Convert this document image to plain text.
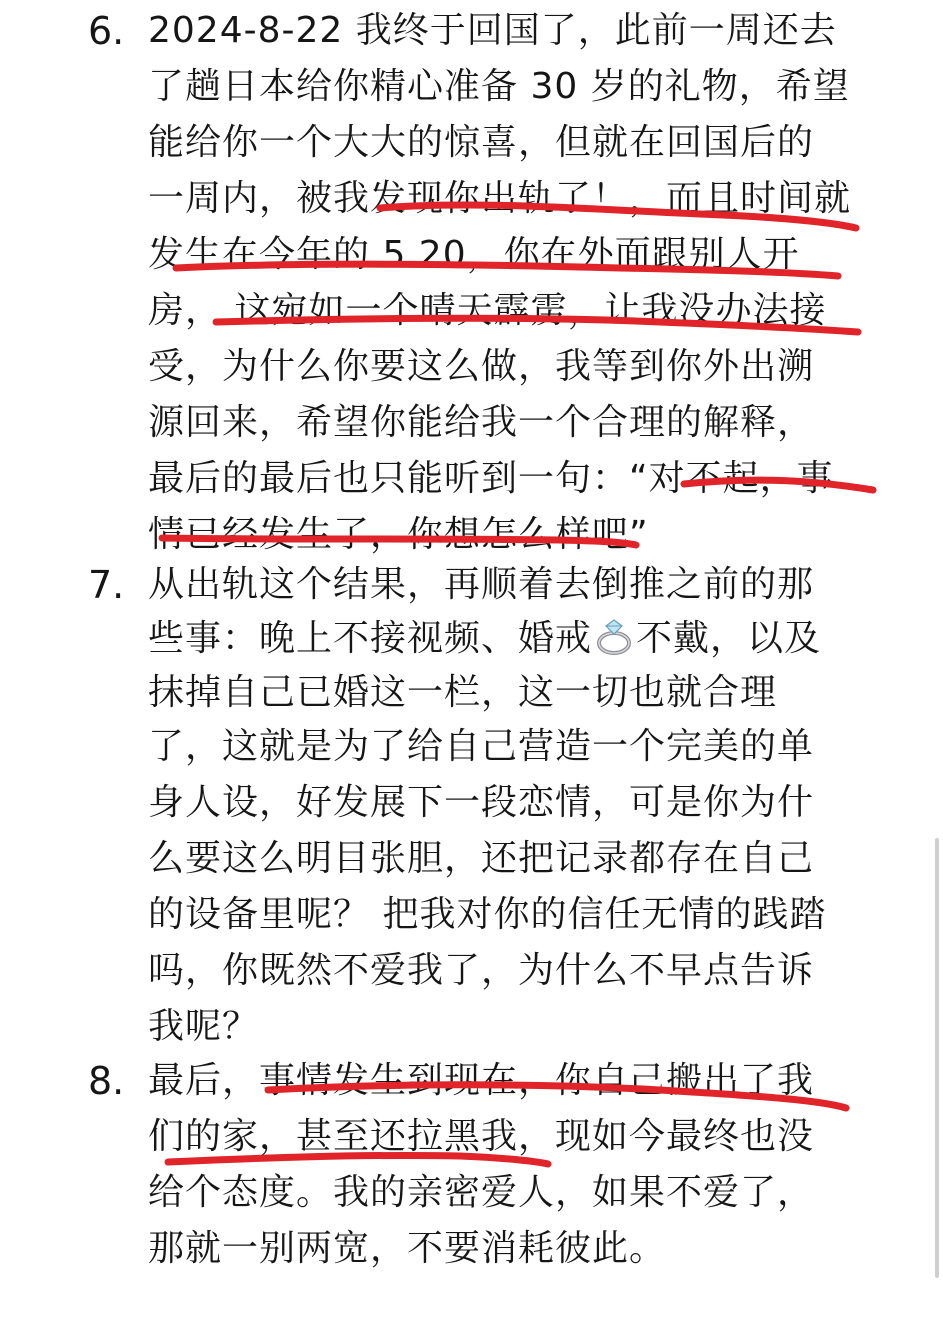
6. 2024-8-22 我终于回国了，此前一周还去
了趟日本给你精心准备 30 岁的礼物，希望
能给你一个大大的惊喜，但就在回国后的
一周内，被我发现你出轨了！，而且时间就
发生在今年的 5.20，你在外面跟别人开
房， 这宛如一个晴天霹雳，让我没办法接
受，为什么你要这么做，我等到你外出溯
源回来，希望你能给我一个合理的解释，
最后的最后也只能听到一句：“对不起，事
情已经发生了，你想怎么样吧”
7. 从出轨这个结果，再顺着去倒推之前的那
些事：晚上不接视频、婚戒 不戴，以及
抹掉自己已婚这一栏，这一切也就合理
了，这就是为了给自己营造一个完美的单
身人设，好发展下一段恋情，可是你为什
么要这么明目张胆，还把记录都存在自己
的设备里呢？ 把我对你的信任无情的践踏
吗，你既然不爱我了，为什么不早点告诉
我呢？
8. 最后，事情发生到现在，你自己搬出了我
们的家，甚至还拉黑我，现如今最终也没
给个态度。我的亲密爱人，如果不爱了，
那就一别两宽，不要消耗彼此。
